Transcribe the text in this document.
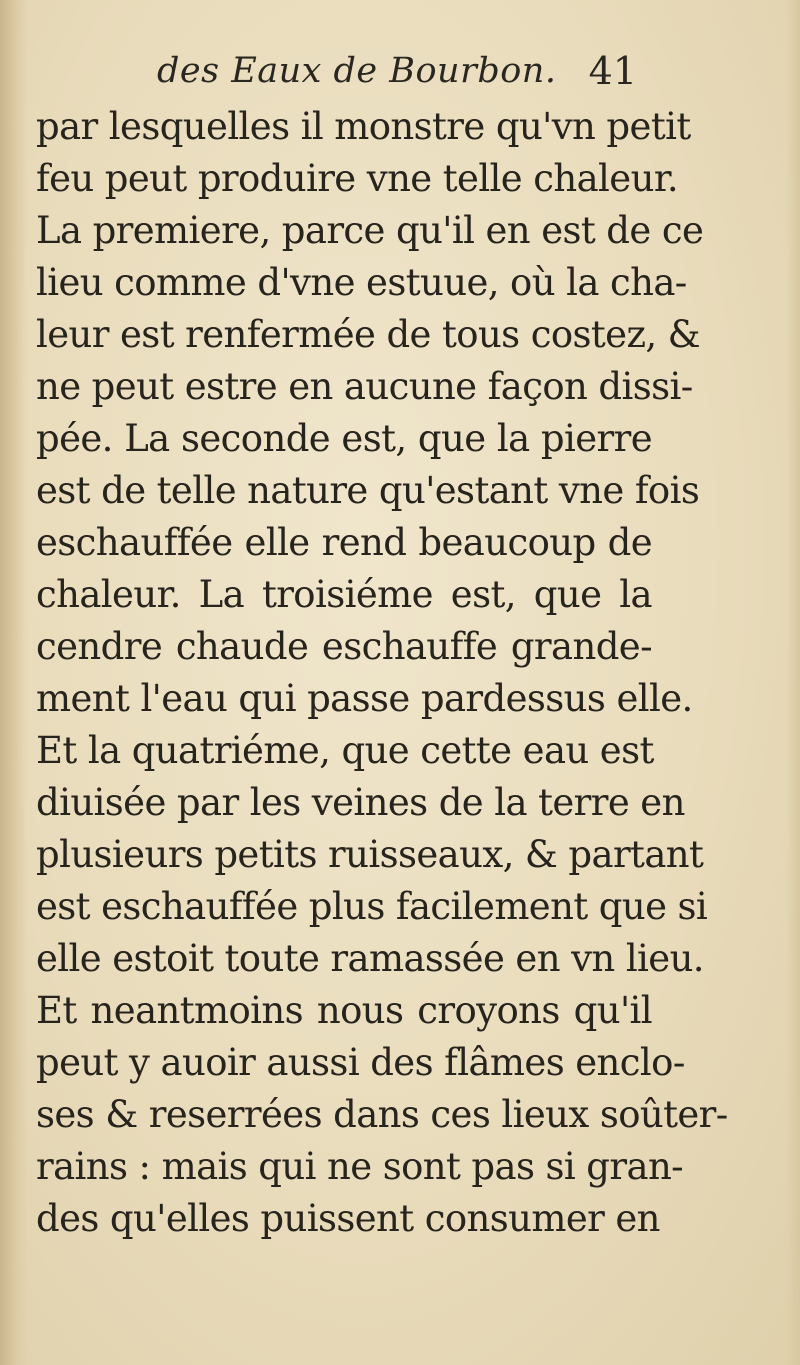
des Eaux de Bourbon. 41
par lesquelles il monstre qu'vn petit
feu peut produire vne telle chaleur.
La premiere, parce qu'il en est de ce
lieu comme d'vne estuue, où la cha-
leur est renfermée de tous costez, &
ne peut estre en aucune façon dissi-
pée. La seconde est, que la pierre
est de telle nature qu'estant vne fois
eschauffée elle rend beaucoup de
chaleur. La troisiéme est, que la
cendre chaude eschauffe grande-
ment l'eau qui passe pardessus elle.
Et la quatriéme, que cette eau est
diuisée par les veines de la terre en
plusieurs petits ruisseaux, & partant
est eschauffée plus facilement que si
elle estoit toute ramassée en vn lieu.
Et neantmoins nous croyons qu'il
peut y auoir aussi des flâmes enclo-
ses & reserrées dans ces lieux soûter-
rains : mais qui ne sont pas si gran-
des qu'elles puissent consumer en
